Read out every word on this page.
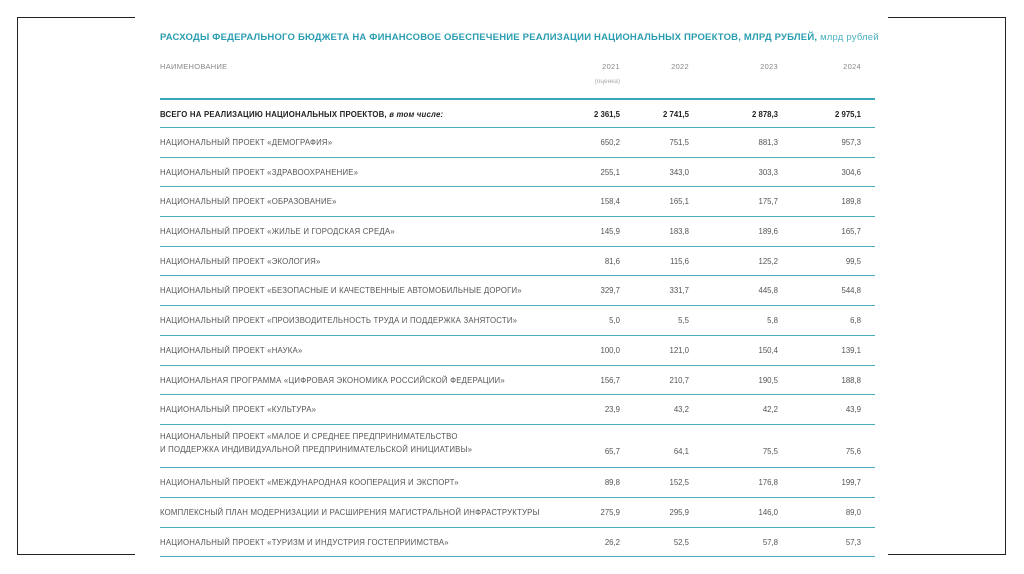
РАСХОДЫ ФЕДЕРАЛЬНОГО БЮДЖЕТА НА ФИНАНСОВОЕ ОБЕСПЕЧЕНИЕ РЕАЛИЗАЦИИ НАЦИОНАЛЬНЫХ ПРОЕКТОВ, МЛРД РУБЛЕЙ, млрд рублей
НАИМЕНОВАНИЕ	2021	2022	2023	2024
(оценка)
ВСЕГО НА РЕАЛИЗАЦИЮ НАЦИОНАЛЬНЫХ ПРОЕКТОВ, в том числе:	2 361,5	2 741,5	2 878,3	2 975,1
НАЦИОНАЛЬНЫЙ ПРОЕКТ «ДЕМОГРАФИЯ»	650,2	751,5	881,3	957,3
НАЦИОНАЛЬНЫЙ ПРОЕКТ «ЗДРАВООХРАНЕНИЕ»	255,1	343,0	303,3	304,6
НАЦИОНАЛЬНЫЙ ПРОЕКТ «ОБРАЗОВАНИЕ»	158,4	165,1	175,7	189,8
НАЦИОНАЛЬНЫЙ ПРОЕКТ «ЖИЛЬЕ И ГОРОДСКАЯ СРЕДА»	145,9	183,8	189,6	165,7
НАЦИОНАЛЬНЫЙ ПРОЕКТ «ЭКОЛОГИЯ»	81,6	115,6	125,2	99,5
НАЦИОНАЛЬНЫЙ ПРОЕКТ «БЕЗОПАСНЫЕ И КАЧЕСТВЕННЫЕ АВТОМОБИЛЬНЫЕ ДОРОГИ»	329,7	331,7	445,8	544,8
НАЦИОНАЛЬНЫЙ ПРОЕКТ «ПРОИЗВОДИТЕЛЬНОСТЬ ТРУДА И ПОДДЕРЖКА ЗАНЯТОСТИ»	5,0	5,5	5,8	6,8
НАЦИОНАЛЬНЫЙ ПРОЕКТ «НАУКА»	100,0	121,0	150,4	139,1
НАЦИОНАЛЬНАЯ ПРОГРАММА «ЦИФРОВАЯ ЭКОНОМИКА РОССИЙСКОЙ ФЕДЕРАЦИИ»	156,7	210,7	190,5	188,8
НАЦИОНАЛЬНЫЙ ПРОЕКТ «КУЛЬТУРА»	23,9	43,2	42,2	43,9
НАЦИОНАЛЬНЫЙ ПРОЕКТ «МАЛОЕ И СРЕДНЕЕ ПРЕДПРИНИМАТЕЛЬСТВО
И ПОДДЕРЖКА ИНДИВИДУАЛЬНОЙ ПРЕДПРИНИМАТЕЛЬСКОЙ ИНИЦИАТИВЫ»	65,7	64,1	75,5	75,6
НАЦИОНАЛЬНЫЙ ПРОЕКТ «МЕЖДУНАРОДНАЯ КООПЕРАЦИЯ И ЭКСПОРТ»	89,8	152,5	176,8	199,7
КОМПЛЕКСНЫЙ ПЛАН МОДЕРНИЗАЦИИ И РАСШИРЕНИЯ МАГИСТРАЛЬНОЙ ИНФРАСТРУКТУРЫ	275,9	295,9	146,0	89,0
НАЦИОНАЛЬНЫЙ ПРОЕКТ «ТУРИЗМ И ИНДУСТРИЯ ГОСТЕПРИИМСТВА»	26,2	52,5	57,8	57,3
